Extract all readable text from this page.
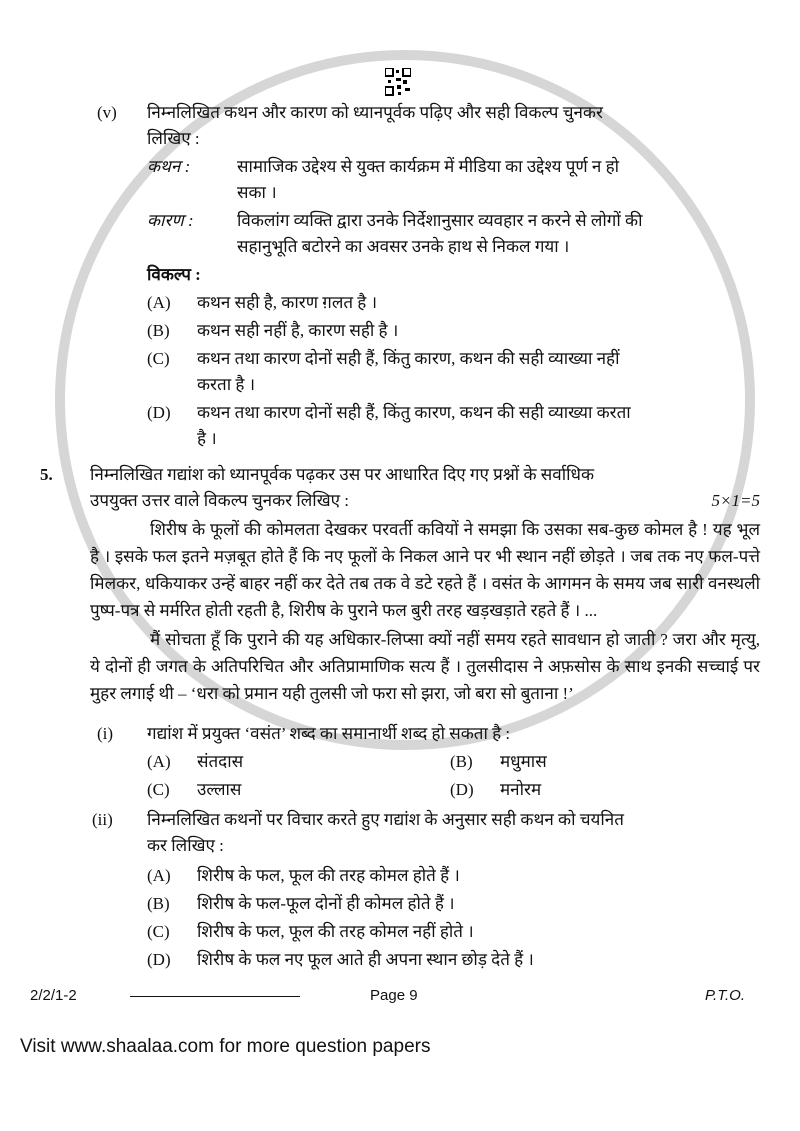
(v)	निम्नलिखित कथन और कारण को ध्यानपूर्वक पढ़िए और सही विकल्प चुनकर
लिखिए :
कथन :	सामाजिक उद्देश्य से युक्त कार्यक्रम में मीडिया का उद्देश्य पूर्ण न हो
सका ।
कारण :	विकलांग व्यक्ति द्वारा उनके निर्देशानुसार व्यवहार न करने से लोगों की
सहानुभूति बटोरने का अवसर उनके हाथ से निकल गया ।
विकल्प :
(A)	कथन सही है, कारण ग़लत है ।
(B)	कथन सही नहीं है, कारण सही है ।
(C)	कथन तथा कारण दोनों सही हैं, किंतु कारण, कथन की सही व्याख्या नहीं
करता है ।
(D)	कथन तथा कारण दोनों सही हैं, किंतु कारण, कथन की सही व्याख्या करता
है ।
5.	निम्नलिखित गद्यांश को ध्यानपूर्वक पढ़कर उस पर आधारित दिए गए प्रश्नों के सर्वाधिक
उपयुक्त उत्तर वाले विकल्प चुनकर लिखिए :	5×1=5
शिरीष के फूलों की कोमलता देखकर परवर्ती कवियों ने समझा कि उसका सब-कुछ कोमल है ! यह भूल है । इसके फल इतने मज़बूत होते हैं कि नए फूलों के निकल आने पर भी स्थान नहीं छोड़ते । जब तक नए फल-पत्ते मिलकर, धकियाकर उन्हें बाहर नहीं कर देते तब तक वे डटे रहते हैं । वसंत के आगमन के समय जब सारी वनस्थली पुष्प-पत्र से मर्मरित होती रहती है, शिरीष के पुराने फल बुरी तरह खड़खड़ाते रहते हैं । ...
मैं सोचता हूँ कि पुराने की यह अधिकार-लिप्सा क्यों नहीं समय रहते सावधान हो जाती ? जरा और मृत्यु, ये दोनों ही जगत के अतिपरिचित और अतिप्रामाणिक सत्य हैं । तुलसीदास ने अफ़सोस के साथ इनकी सच्चाई पर मुहर लगाई थी – ‘धरा को प्रमान यही तुलसी जो फरा सो झरा, जो बरा सो बुताना !’
(i)	गद्यांश में प्रयुक्त ‘वसंत’ शब्द का समानार्थी शब्द हो सकता है :
(A)	संतदास	(B)	मधुमास
(C)	उल्लास	(D)	मनोरम
(ii)	निम्नलिखित कथनों पर विचार करते हुए गद्यांश के अनुसार सही कथन को चयनित
कर लिखिए :
(A)	शिरीष के फल, फूल की तरह कोमल होते हैं ।
(B)	शिरीष के फल-फूल दोनों ही कोमल होते हैं ।
(C)	शिरीष के फल, फूल की तरह कोमल नहीं होते ।
(D)	शिरीष के फल नए फूल आते ही अपना स्थान छोड़ देते हैं ।
2/2/1-2	Page 9	P.T.O.
Visit www.shaalaa.com for more question papers
